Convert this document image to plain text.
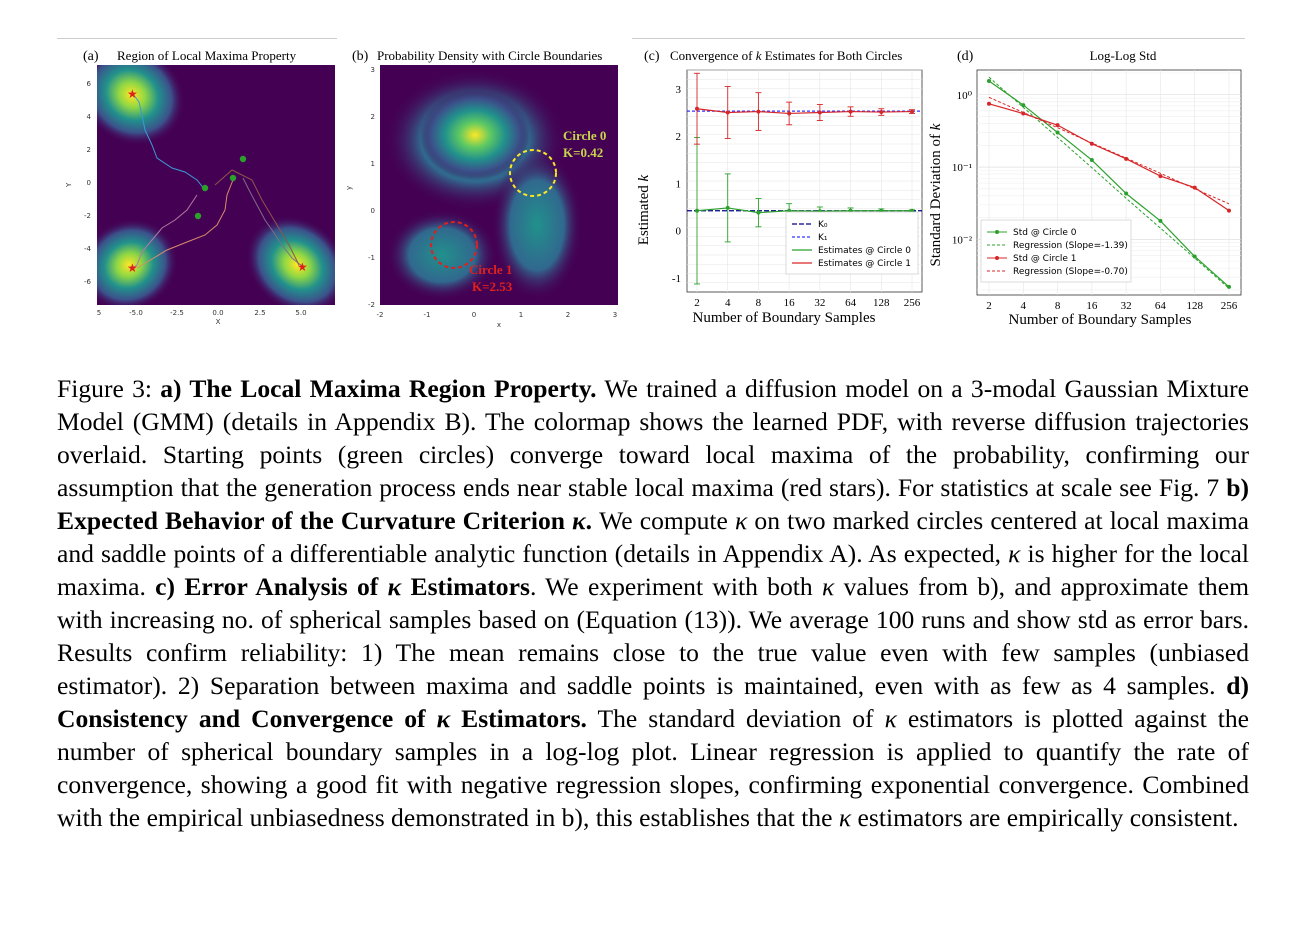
(a) Region of Local Maxima Property
★
★	★
6
4
2
0
-2
-4
-6
Y
5	-5.0	-2.5	0.0	2.5	5.0
X
(b) Probability Density with Circle Boundaries
Circle 0
K=0.42
Circle 1
K=2.53
3
2
1
0
-1
-2
y
-2	-1	0	1	2	3
x
(c) Convergence of k Estimates for Both Circles
Estimated k
Number of Boundary Samples
3
2
1
0
-1
2 4 8 16 32 64 128 256
K₀
K₁
Estimates @ Circle 0
Estimates @ Circle 1
(d)	Log-Log Std
Standard Deviation of k
Number of Boundary Samples
10⁰
10⁻¹
10⁻²
2	4	8 16 32 64 128 256
Std @ Circle 0
Regression (Slope=-1.39)
Std @ Circle 1
Regression (Slope=-0.70)

Figure 3: a) The Local Maxima Region Property. We trained a diffusion model on a 3-modal Gaussian Mixture Model (GMM) (details in Appendix B). The colormap shows the learned PDF, with reverse diffusion trajectories overlaid. Starting points (green circles) converge toward local maxima of the probability, confirming our assumption that the generation process ends near stable local maxima (red stars). For statistics at scale see Fig. 7 b) Expected Behavior of the Curvature Criterion κ. We compute κ on two marked circles centered at local maxima and saddle points of a differentiable analytic function (details in Appendix A). As expected, κ is higher for the local maxima. c) Error Analysis of κ Estimators. We experiment with both κ values from b), and approximate them with increasing no. of spherical samples based on (Equation (13)). We average 100 runs and show std as error bars. Results confirm reliability: 1) The mean remains close to the true value even with few samples (unbiased estimator). 2) Separation between maxima and saddle points is maintained, even with as few as 4 samples. d) Consistency and Convergence of κ Estimators. The standard deviation of κ estimators is plotted against the number of spherical boundary samples in a log-log plot. Linear regression is applied to quantify the rate of convergence, showing a good fit with negative regression slopes, confirming exponential convergence. Combined with the empirical unbiasedness demonstrated in b), this establishes that the κ estimators are empirically consistent.
